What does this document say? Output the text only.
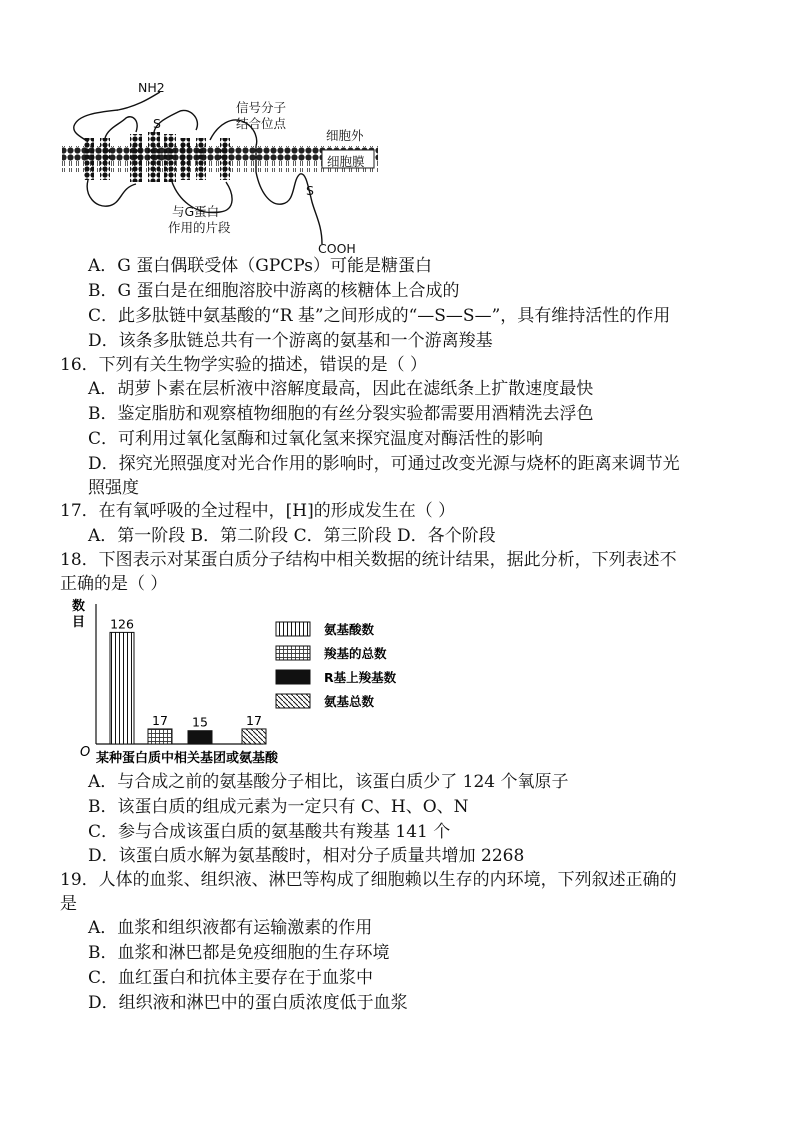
NH2
S
信号分子
结合位点
细胞外
细胞膜
S
与G蛋白
作用的片段
COOH
A．G 蛋白偶联受体（GPCPs）可能是糖蛋白
B．G 蛋白是在细胞溶胶中游离的核糖体上合成的
C．此多肽链中氨基酸的“R 基”之间形成的“—S—S—”，具有维持活性的作用
D．该条多肽链总共有一个游离的氨基和一个游离羧基
16．下列有关生物学实验的描述，错误的是（ ）
A．胡萝卜素在层析液中溶解度最高，因此在滤纸条上扩散速度最快
B．鉴定脂肪和观察植物细胞的有丝分裂实验都需要用酒精洗去浮色
C．可利用过氧化氢酶和过氧化氢来探究温度对酶活性的影响
D．探究光照强度对光合作用的影响时，可通过改变光源与烧杯的距离来调节光
照强度
17．在有氧呼吸的全过程中，[H]的形成发生在（ ）
A．第一阶段 B．第二阶段 C．第三阶段 D．各个阶段
18．下图表示对某蛋白质分子结构中相关数据的统计结果，据此分析，下列表述不
正确的是（ ）
数
目
O 某种蛋白质中相关基团或氨基酸
126
17 15	17
氨基酸数
羧基的总数
R基上羧基数
氨基总数
A．与合成之前的氨基酸分子相比，该蛋白质少了 124 个氧原子
B．该蛋白质的组成元素为一定只有 C、H、O、N
C．参与合成该蛋白质的氨基酸共有羧基 141 个
D．该蛋白质水解为氨基酸时，相对分子质量共增加 2268
19．人体的血浆、组织液、淋巴等构成了细胞赖以生存的内环境，下列叙述正确的
是
A．血浆和组织液都有运输激素的作用
B．血浆和淋巴都是免疫细胞的生存环境
C．血红蛋白和抗体主要存在于血浆中
D．组织液和淋巴中的蛋白质浓度低于血浆
